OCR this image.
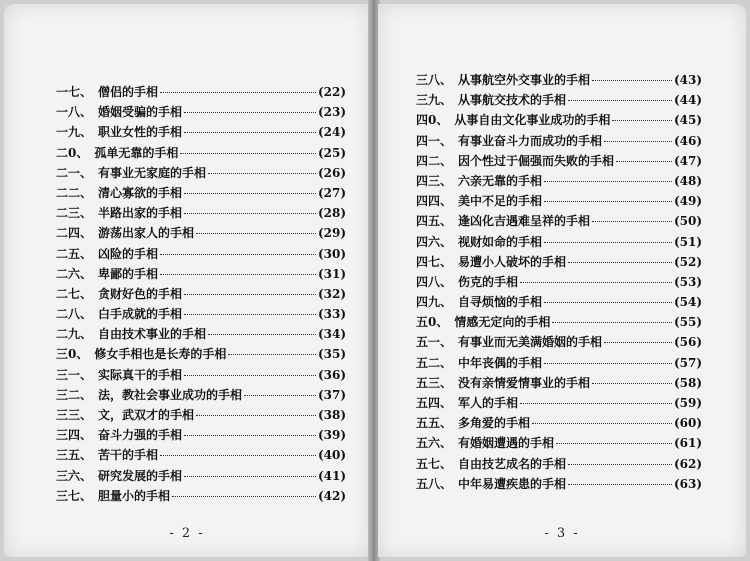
一七、 僧侣的手相	(22)
一八、 婚姻受骗的手相	(23)
一九、 职业女性的手相	(24)
二0、 孤单无靠的手相	(25)
二一、 有事业无家庭的手相	(26)
二二、 清心寡欲的手相	(27)
二三、 半路出家的手相	(28)
二四、 游荡出家人的手相	(29)
二五、 凶险的手相	(30)
二六、 卑鄙的手相	(31)
二七、 贪财好色的手相	(32)
二八、 白手成就的手相	(33)
二九、 自由技术事业的手相	(34)
三0、 修女手相也是长寿的手相	(35)
三一、 实际真干的手相	(36)
三二、 法，教社会事业成功的手相	(37)
三三、 文，武双才的手相	(38)
三四、 奋斗力强的手相	(39)
三五、 苦干的手相	(40)
三六、 研究发展的手相	(41)
三七、 胆量小的手相	(42)
- 2 -
三八、 从事航空外交事业的手相	(43)
三九、 从事航交技术的手相	(44)
四0、 从事自由文化事业成功的手相	(45)
四一、 有事业奋斗力而成功的手相	(46)
四二、 因个性过于倔强而失败的手相	(47)
四三、 六亲无靠的手相	(48)
四四、 美中不足的手相	(49)
四五、 逢凶化吉遇难呈祥的手相	(50)
四六、 视财如命的手相	(51)
四七、 易遭小人破坏的手相	(52)
四八、 伤克的手相	(53)
四九、 自寻烦恼的手相	(54)
五0、 情感无定向的手相	(55)
五一、 有事业而无美满婚姻的手相	(56)
五二、 中年丧偶的手相	(57)
五三、 没有亲情爱情事业的手相	(58)
五四、 军人的手相	(59)
五五、 多角爱的手相	(60)
五六、 有婚姻遭遇的手相	(61)
五七、 自由技艺成名的手相	(62)
五八、 中年易遭疾患的手相	(63)
- 3 -
